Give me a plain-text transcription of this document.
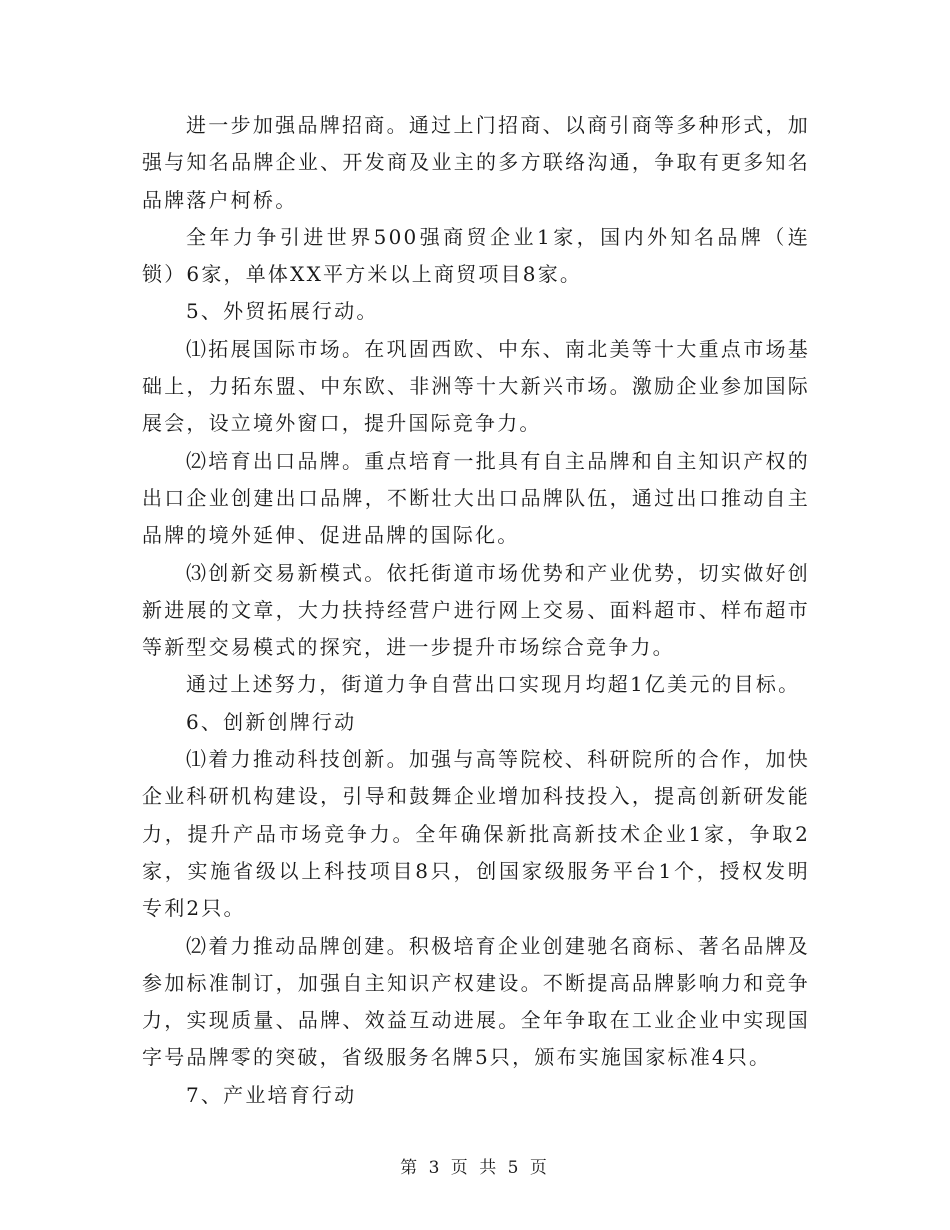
进一步加强品牌招商。通过上门招商、以商引商等多种形式，加强与知名品牌企业、开发商及业主的多方联络沟通，争取有更多知名品牌落户柯桥。

全年力争引进世界500强商贸企业1家，国内外知名品牌（连锁）6家，单体XX平方米以上商贸项目8家。

5、外贸拓展行动。

⑴拓展国际市场。在巩固西欧、中东、南北美等十大重点市场基础上，力拓东盟、中东欧、非洲等十大新兴市场。激励企业参加国际展会，设立境外窗口，提升国际竞争力。

⑵培育出口品牌。重点培育一批具有自主品牌和自主知识产权的出口企业创建出口品牌，不断壮大出口品牌队伍，通过出口推动自主品牌的境外延伸、促进品牌的国际化。

⑶创新交易新模式。依托街道市场优势和产业优势，切实做好创新进展的文章，大力扶持经营户进行网上交易、面料超市、样布超市等新型交易模式的探究，进一步提升市场综合竞争力。

通过上述努力，街道力争自营出口实现月均超1亿美元的目标。

6、创新创牌行动

⑴着力推动科技创新。加强与高等院校、科研院所的合作，加快企业科研机构建设，引导和鼓舞企业增加科技投入，提高创新研发能力，提升产品市场竞争力。全年确保新批高新技术企业1家，争取2家，实施省级以上科技项目8只，创国家级服务平台1个，授权发明专利2只。

⑵着力推动品牌创建。积极培育企业创建驰名商标、著名品牌及参加标准制订，加强自主知识产权建设。不断提高品牌影响力和竞争力，实现质量、品牌、效益互动进展。全年争取在工业企业中实现国字号品牌零的突破，省级服务名牌5只，颁布实施国家标准4只。

7、产业培育行动

第 3 页 共 5 页
